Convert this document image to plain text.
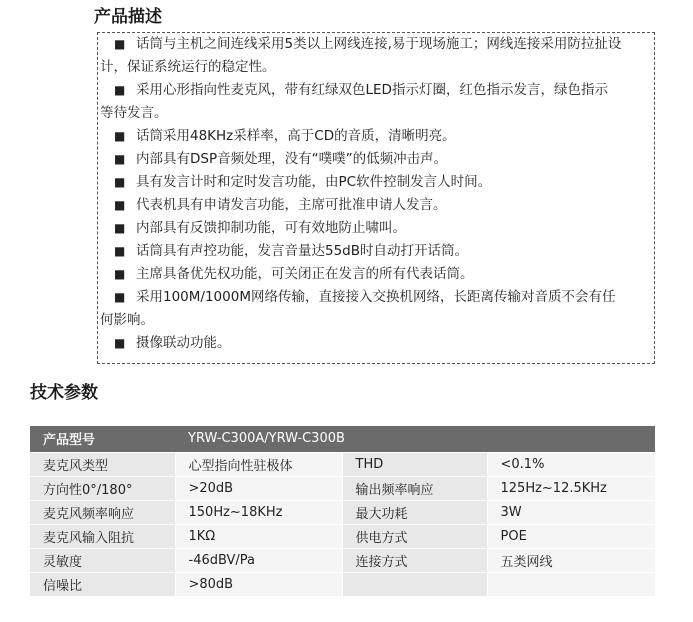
产品描述
■ 话筒与主机之间连线采用5类以上网线连接,易于现场施工；网线连接采用防拉扯设
计，保证系统运行的稳定性。
■ 采用心形指向性麦克风，带有红绿双色LED指示灯圈，红色指示发言，绿色指示
等待发言。
■ 话筒采用48KHz采样率，高于CD的音质，清晰明亮。
■ 内部具有DSP音频处理，没有“噗噗”的低频冲击声。
■ 具有发言计时和定时发言功能，由PC软件控制发言人时间。
■ 代表机具有申请发言功能，主席可批准申请人发言。
■ 内部具有反馈抑制功能，可有效地防止啸叫。
■ 话筒具有声控功能，发言音量达55dB时自动打开话筒。
■ 主席具备优先权功能，可关闭正在发言的所有代表话筒。
■ 采用100M/1000M网络传输，直接接入交换机网络，长距离传输对音质不会有任
何影响。
■ 摄像联动功能。
技术参数
产品型号	YRW-C300A/YRW-C300B		
麦克风类型	心型指向性驻极体	THD	<0.1%
方向性0°/180°	>20dB	输出频率响应	125Hz~12.5KHz
麦克风频率响应	150Hz~18KHz	最大功耗	3W
麦克风输入阻抗	1KΩ	供电方式	POE
灵敏度	-46dBV/Pa	连接方式	五类网线
信噪比	>80dB		
